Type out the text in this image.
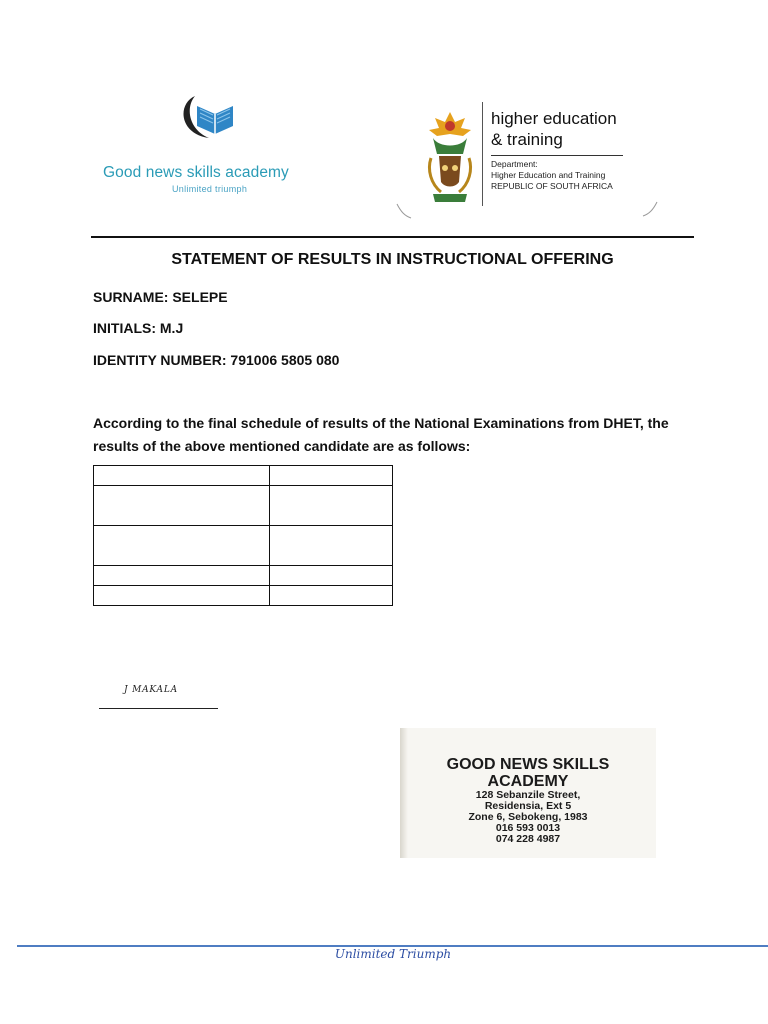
Good news skills academy
Unlimited triumph
higher education
& training
Department:
Higher Education and Training
REPUBLIC OF SOUTH AFRICA
STATEMENT OF RESULTS IN INSTRUCTIONAL OFFERING
SURNAME: SELEPE
INITIALS: M.J
IDENTITY NUMBER: 791006 5805 080
According to the final schedule of results of the National Examinations from DHET, the results of the above mentioned candidate are as follows:

J MAKALA
GOOD NEWS SKILLS
ACADEMY
128 Sebanzile Street,
Residensia, Ext 5
Zone 6, Sebokeng, 1983
016 593 0013
074 228 4987
Unlimited Triumph
